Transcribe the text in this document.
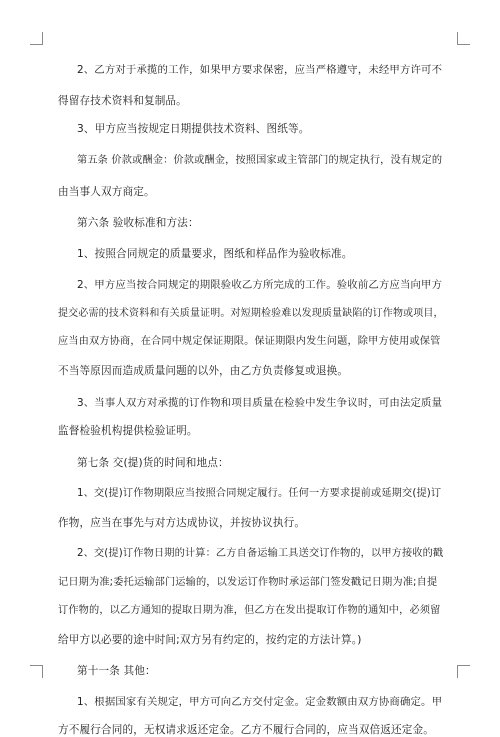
2、乙方对于承揽的工作，如果甲方要求保密，应当严格遵守，未经甲方许可不
得留存技术资料和复制品。
3、甲方应当按规定日期提供技术资料、图纸等。
第五条 价款或酬金：价款或酬金，按照国家或主管部门的规定执行，没有规定的
由当事人双方商定。
第六条 验收标准和方法：
1、按照合同规定的质量要求，图纸和样品作为验收标准。
2、甲方应当按合同规定的期限验收乙方所完成的工作。验收前乙方应当向甲方
提交必需的技术资料和有关质量证明。对短期检验难以发现质量缺陷的订作物或项目，
应当由双方协商，在合同中规定保证期限。保证期限内发生问题，除甲方使用或保管
不当等原因而造成质量问题的以外，由乙方负责修复或退换。
3、当事人双方对承揽的订作物和项目质量在检验中发生争议时，可由法定质量
监督检验机构提供检验证明。
第七条 交(提)货的时间和地点：
1、交(提)订作物期限应当按照合同规定履行。任何一方要求提前或延期交(提)订
作物，应当在事先与对方达成协议，并按协议执行。
2、交(提)订作物日期的计算：乙方自备运输工具送交订作物的，以甲方接收的戳
记日期为准;委托运输部门运输的，以发运订作物时承运部门签发戳记日期为准;自提
订作物的，以乙方通知的提取日期为准，但乙方在发出提取订作物的通知中，必须留
给甲方以必要的途中时间;双方另有约定的，按约定的方法计算。)
第十一条 其他：
1、根据国家有关规定，甲方可向乙方交付定金。定金数额由双方协商确定。甲
方不履行合同的，无权请求返还定金。乙方不履行合同的，应当双倍返还定金。
